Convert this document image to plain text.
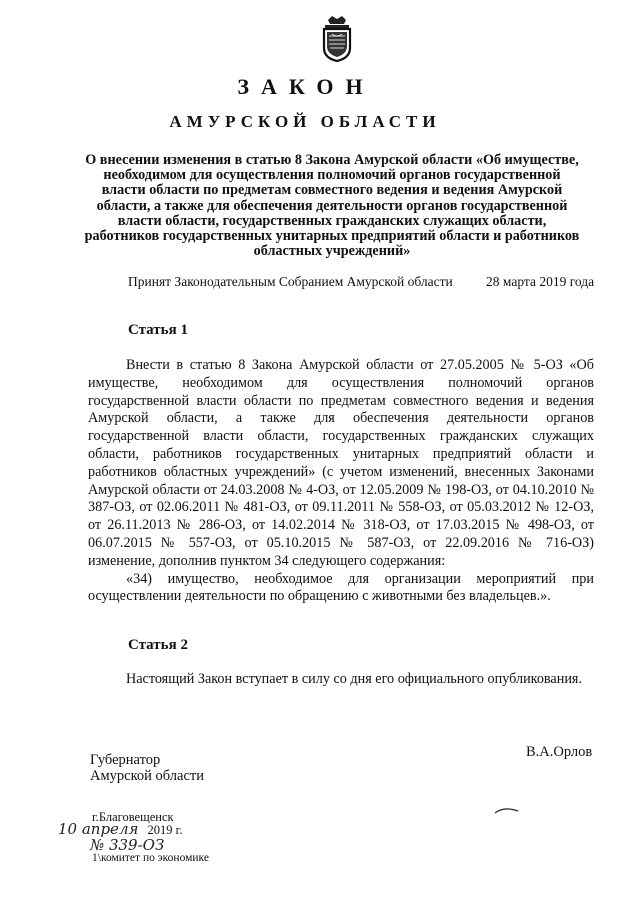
ЗАКОН
АМУРСКОЙ ОБЛАСТИ
О внесении изменения в статью 8 Закона Амурской области «Об имуществе, необходимом для осуществления полномочий органов государственной власти области по предметам совместного ведения и ведения Амурской области, а также для обеспечения деятельности органов государственной власти области, государственных гражданских служащих области, работников государственных унитарных предприятий области и работников областных учреждений»
Принят Законодательным Собранием Амурской области 28 марта 2019 года
Статья 1

Внести в статью 8 Закона Амурской области от 27.05.2005 № 5-ОЗ «Об имуществе, необходимом для осуществления полномочий органов государственной власти области по предметам совместного ведения и ведения Амурской области, а также для обеспечения деятельности органов государственной власти области, государственных гражданских служащих области, работников государственных унитарных предприятий области и работников областных учреждений» (с учетом изменений, внесенных Законами Амурской области от 24.03.2008 № 4-ОЗ, от 12.05.2009 № 198-ОЗ, от 04.10.2010 № 387-ОЗ, от 02.06.2011 № 481-ОЗ, от 09.11.2011 № 558-ОЗ, от 05.03.2012 № 12-ОЗ, от 26.11.2013 № 286-ОЗ, от 14.02.2014 № 318-ОЗ, от 17.03.2015 № 498-ОЗ, от 06.07.2015 № 557-ОЗ, от 05.10.2015 № 587-ОЗ, от 22.09.2016 № 716-ОЗ) изменение, дополнив пунктом 34 следующего содержания:

«34) имущество, необходимое для организации мероприятий при осуществлении деятельности по обращению с животными без владельцев.».

Статья 2

Настоящий Закон вступает в силу со дня его официального опубликования.

Губернатор
Амурской области
В.А.Орлов
г.Благовещенск
10 апреля 2019 г.
№ 339-ОЗ
1\комитет по экономике
